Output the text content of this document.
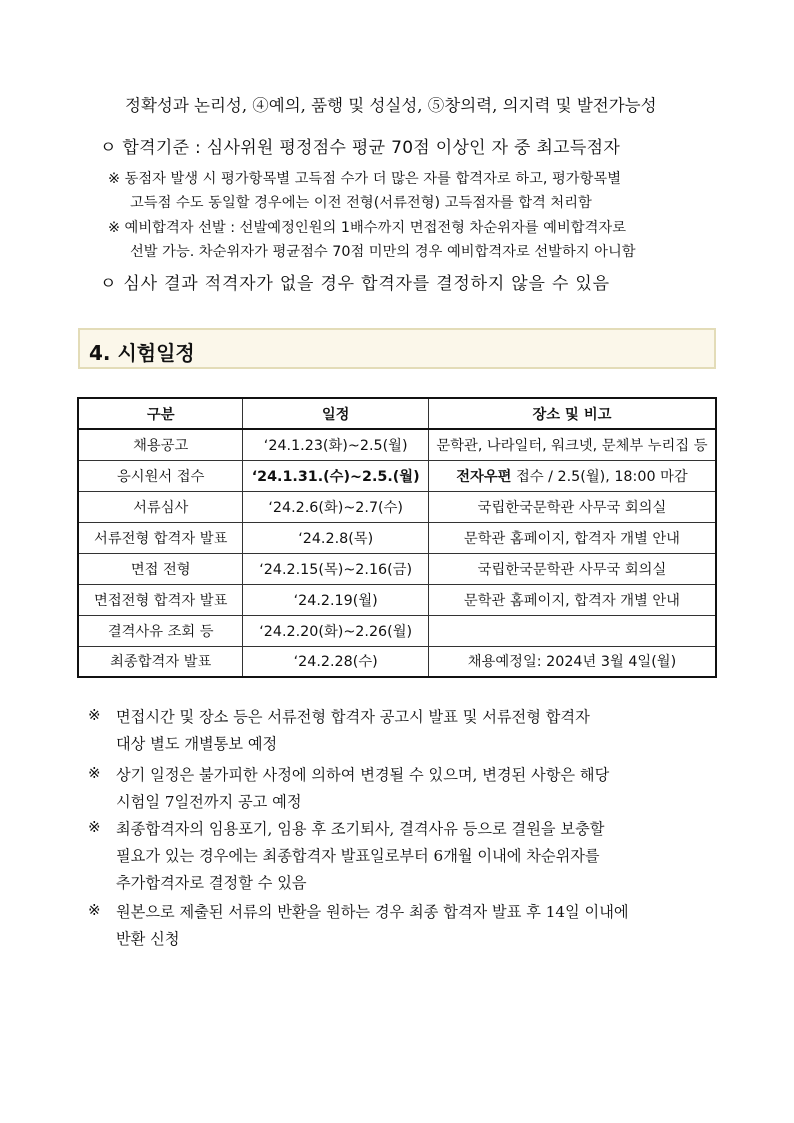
정확성과 논리성, ④예의, 품행 및 성실성, ⑤창의력, 의지력 및 발전가능성
ㅇ 합격기준 : 심사위원 평정점수 평균 70점 이상인 자 중 최고득점자
※ 동점자 발생 시 평가항목별 고득점 수가 더 많은 자를 합격자로 하고, 평가항목별
고득점 수도 동일할 경우에는 이전 전형(서류전형) 고득점자를 합격 처리함
※ 예비합격자 선발 : 선발예정인원의 1배수까지 면접전형 차순위자를 예비합격자로
선발 가능. 차순위자가 평균점수 70점 미만의 경우 예비합격자로 선발하지 아니함
ㅇ 심사 결과 적격자가 없을 경우 합격자를 결정하지 않을 수 있음
4. 시험일정
구분	일정	장소 및 비고
채용공고	‘24.1.23(화)~2.5(월)	문학관, 나라일터, 워크넷, 문체부 누리집 등
응시원서 접수	‘24.1.31.(수)~2.5.(월)	전자우편 접수 / 2.5(월), 18:00 마감
서류심사	‘24.2.6(화)~2.7(수)	국립한국문학관 사무국 회의실
서류전형 합격자 발표	‘24.2.8(목)	문학관 홈페이지, 합격자 개별 안내
면접 전형	‘24.2.15(목)~2.16(금)	국립한국문학관 사무국 회의실
면접전형 합격자 발표	‘24.2.19(월)	문학관 홈페이지, 합격자 개별 안내
결격사유 조회 등	‘24.2.20(화)~2.26(월)	
최종합격자 발표	‘24.2.28(수)	채용예정일: 2024년 3월 4일(월)
※ 면접시간 및 장소 등은 서류전형 합격자 공고시 발표 및 서류전형 합격자
대상 별도 개별통보 예정
※ 상기 일정은 불가피한 사정에 의하여 변경될 수 있으며, 변경된 사항은 해당
시험일 7일전까지 공고 예정
※ 최종합격자의 임용포기, 임용 후 조기퇴사, 결격사유 등으로 결원을 보충할
필요가 있는 경우에는 최종합격자 발표일로부터 6개월 이내에 차순위자를
추가합격자로 결정할 수 있음
※ 원본으로 제출된 서류의 반환을 원하는 경우 최종 합격자 발표 후 14일 이내에
반환 신청
